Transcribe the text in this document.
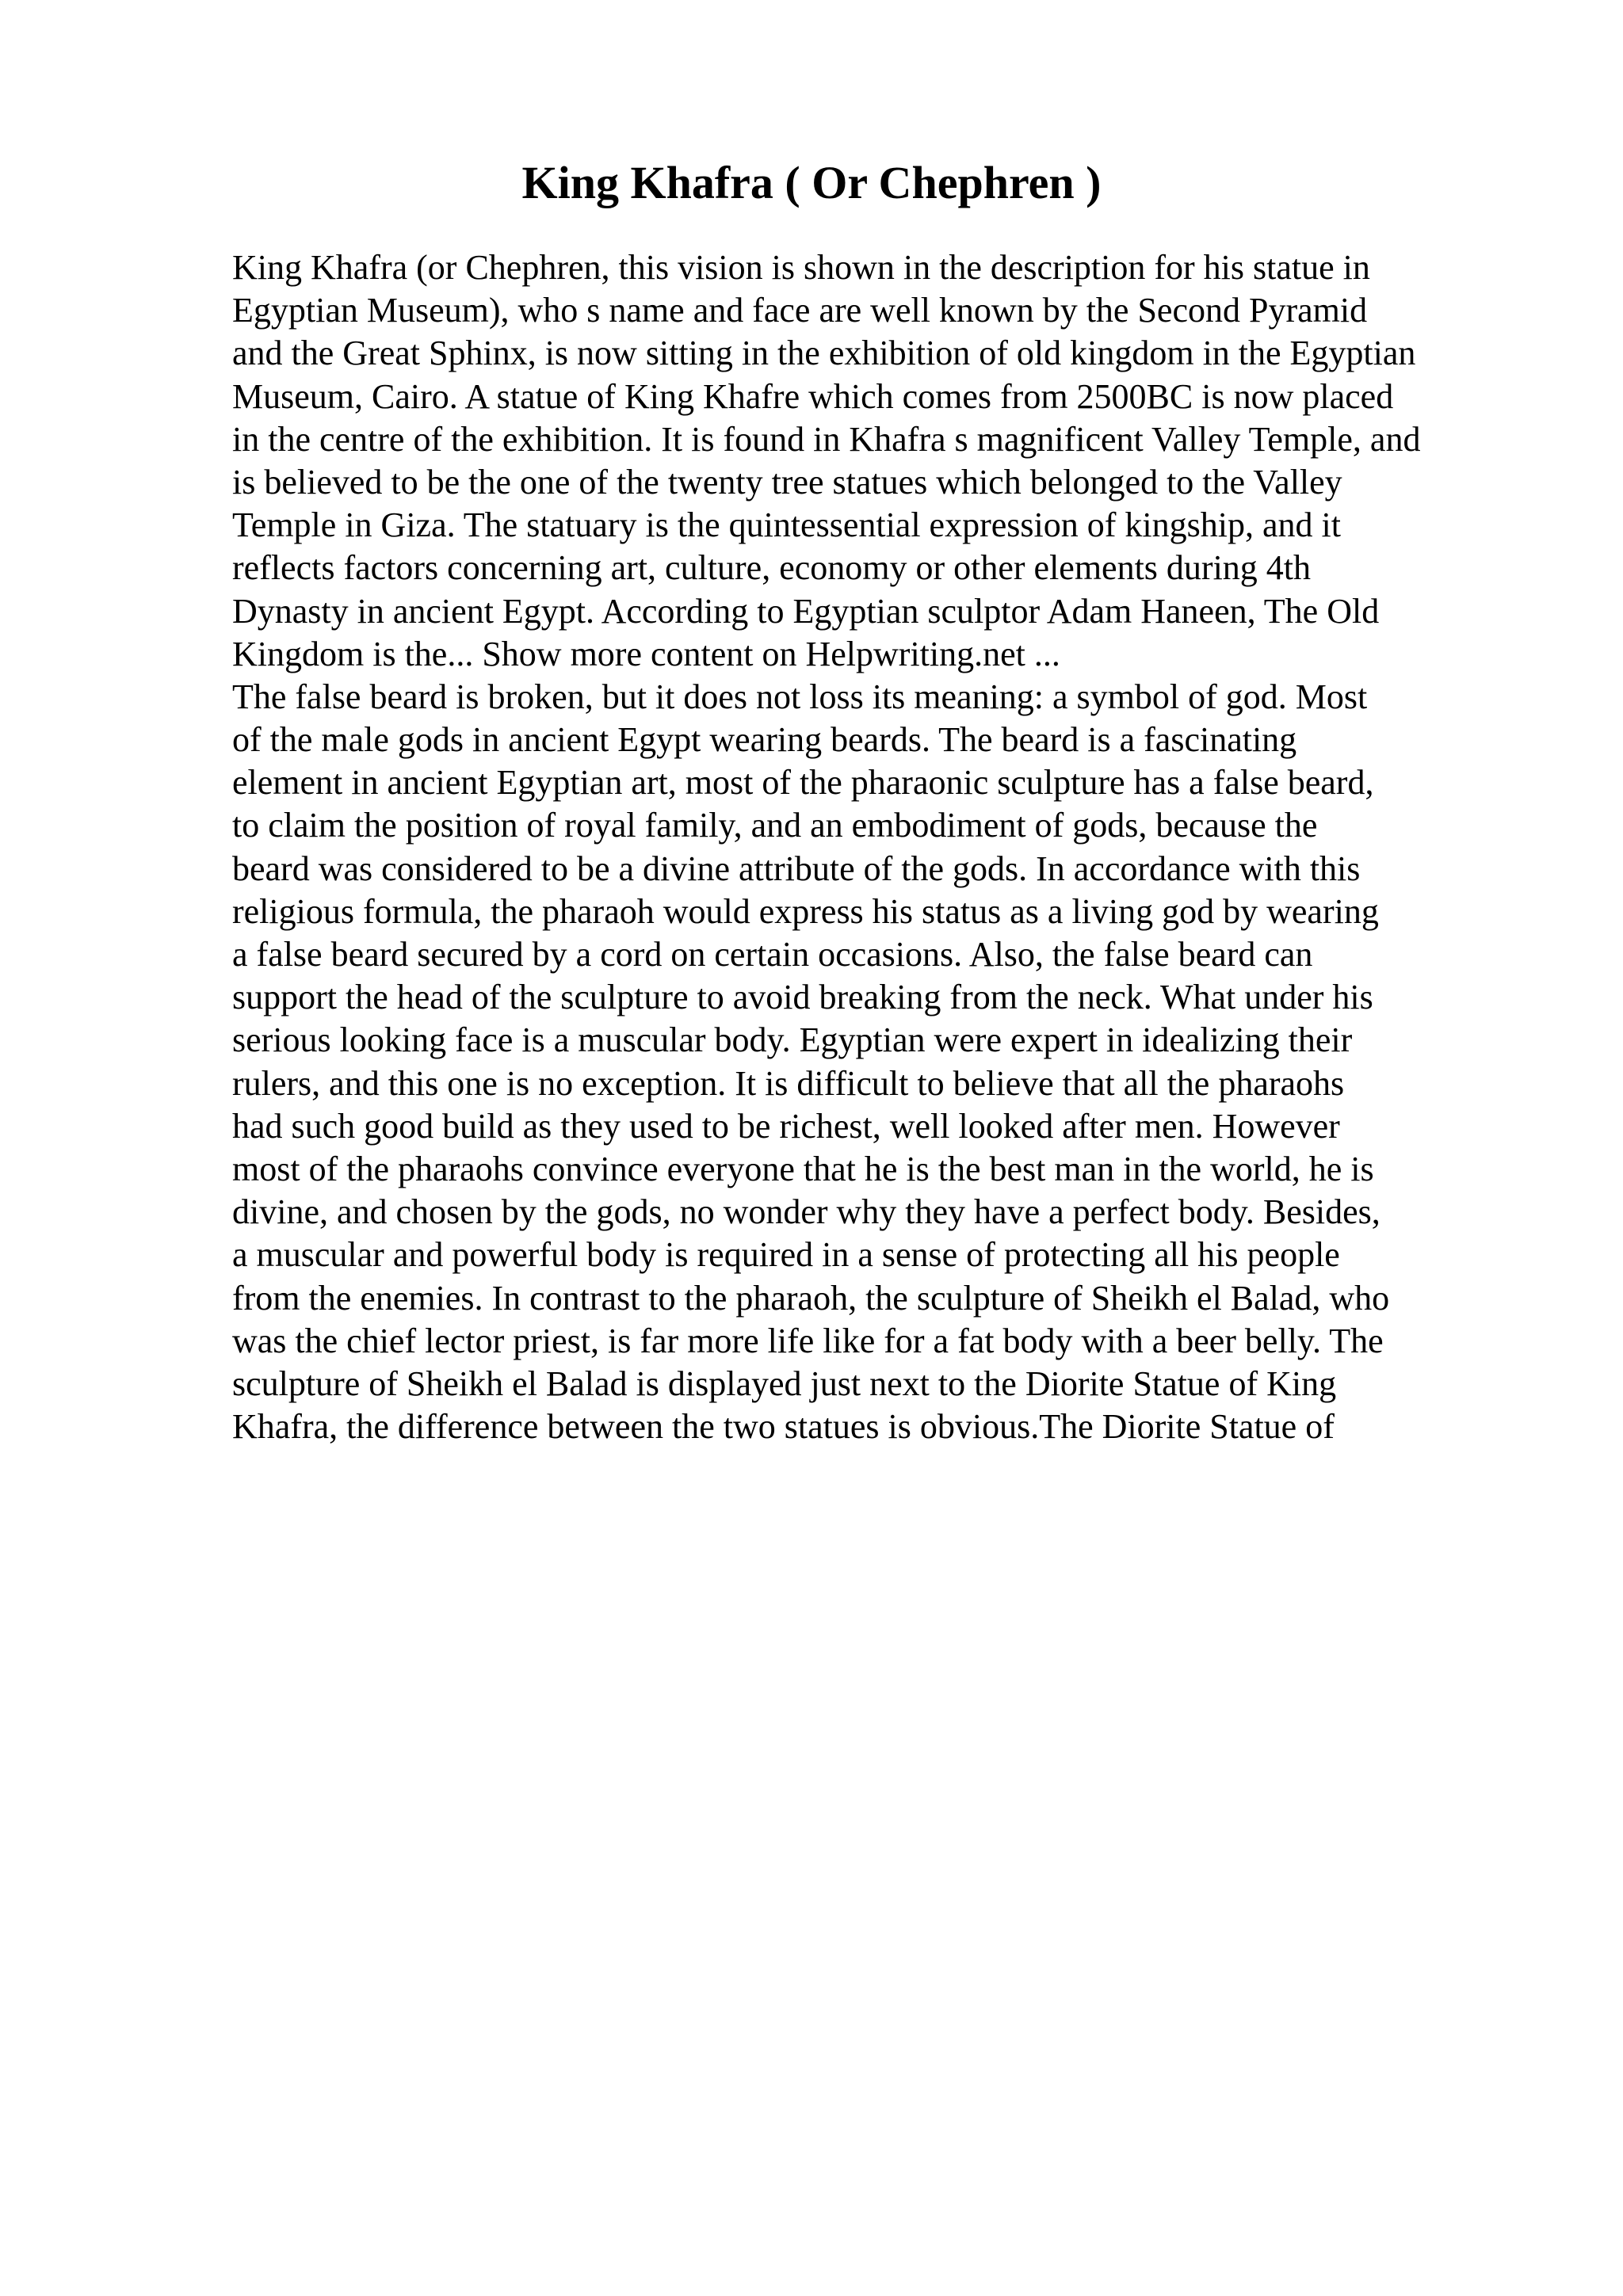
King Khafra ( Or Chephren )
King Khafra (or Chephren, this vision is shown in the description for his statue in
Egyptian Museum), who s name and face are well known by the Second Pyramid
and the Great Sphinx, is now sitting in the exhibition of old kingdom in the Egyptian
Museum, Cairo. A statue of King Khafre which comes from 2500BC is now placed
in the centre of the exhibition. It is found in Khafra s magnificent Valley Temple, and
is believed to be the one of the twenty tree statues which belonged to the Valley
Temple in Giza. The statuary is the quintessential expression of kingship, and it
reflects factors concerning art, culture, economy or other elements during 4th
Dynasty in ancient Egypt. According to Egyptian sculptor Adam Haneen, The Old
Kingdom is the... Show more content on Helpwriting.net ...
The false beard is broken, but it does not loss its meaning: a symbol of god. Most
of the male gods in ancient Egypt wearing beards. The beard is a fascinating
element in ancient Egyptian art, most of the pharaonic sculpture has a false beard,
to claim the position of royal family, and an embodiment of gods, because the
beard was considered to be a divine attribute of the gods. In accordance with this
religious formula, the pharaoh would express his status as a living god by wearing
a false beard secured by a cord on certain occasions. Also, the false beard can
support the head of the sculpture to avoid breaking from the neck. What under his
serious looking face is a muscular body. Egyptian were expert in idealizing their
rulers, and this one is no exception. It is difficult to believe that all the pharaohs
had such good build as they used to be richest, well looked after men. However
most of the pharaohs convince everyone that he is the best man in the world, he is
divine, and chosen by the gods, no wonder why they have a perfect body. Besides,
a muscular and powerful body is required in a sense of protecting all his people
from the enemies. In contrast to the pharaoh, the sculpture of Sheikh el Balad, who
was the chief lector priest, is far more life like for a fat body with a beer belly. The
sculpture of Sheikh el Balad is displayed just next to the Diorite Statue of King
Khafra, the difference between the two statues is obvious.The Diorite Statue of
